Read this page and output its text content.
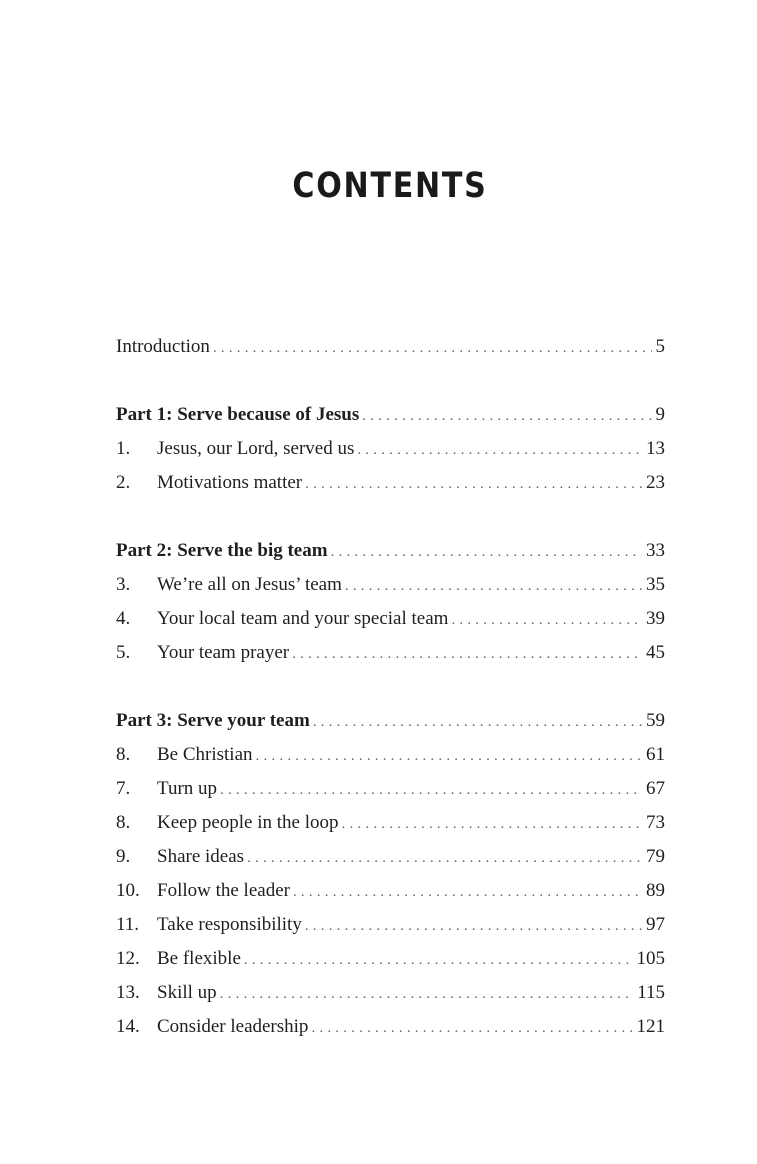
CONTENTS
Introduction .....	5
Part 1: Serve because of Jesus .....	9
1.	Jesus, our Lord, served us .....	13
2.	Motivations matter .....	23
Part 2: Serve the big team .....	33
3.	We’re all on Jesus’ team .....	35
4.	Your local team and your special team .....	39
5.	Your team prayer .....	45
Part 3: Serve your team .....	59
8.	Be Christian .....	61
7.	Turn up .....	67
8.	Keep people in the loop .....	73
9.	Share ideas .....	79
10. Follow the leader .....	89
11. Take responsibility .....	97
12. Be flexible .....	105
13. Skill up .....	115
14. Consider leadership .....	121
